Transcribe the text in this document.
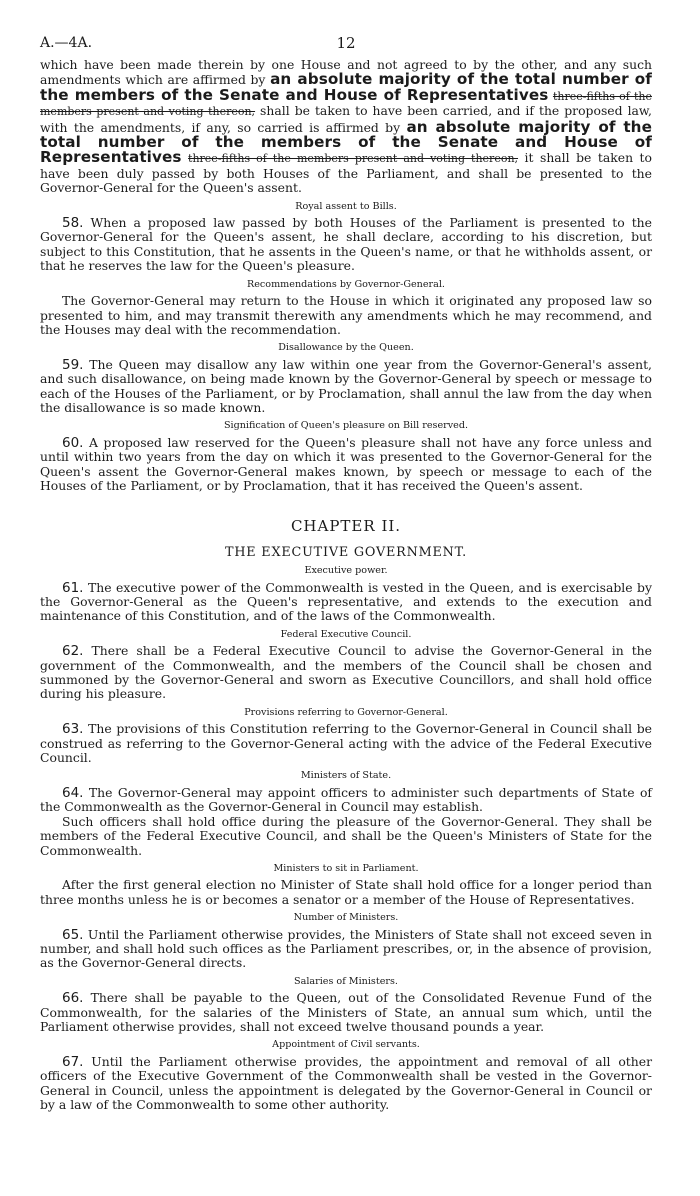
A.—4A.	12

which have been made therein by one House and not agreed to by the other, and any such amendments which are affirmed by an absolute majority of the total number of the members of the Senate and House of Representatives three-fifths of the members present and voting thereon, shall be taken to have been carried, and if the proposed law, with the amendments, if any, so carried is affirmed by an absolute majority of the total number of the members of the Senate and House of Representatives three-fifths of the members present and voting thereon, it shall be taken to have been duly passed by both Houses of the Parliament, and shall be presented to the Governor-General for the Queen's assent.

Royal assent to Bills.

58. When a proposed law passed by both Houses of the Parliament is presented to the Governor-General for the Queen's assent, he shall declare, according to his discretion, but subject to this Constitution, that he assents in the Queen's name, or that he withholds assent, or that he reserves the law for the Queen's pleasure.

Recommendations by Governor-General.

The Governor-General may return to the House in which it originated any proposed law so presented to him, and may transmit therewith any amendments which he may recommend, and the Houses may deal with the recommendation.

Disallowance by the Queen.

59. The Queen may disallow any law within one year from the Governor-General's assent, and such disallowance, on being made known by the Governor-General by speech or message to each of the Houses of the Parliament, or by Proclamation, shall annul the law from the day when the disallowance is so made known.

Signification of Queen's pleasure on Bill reserved.

60. A proposed law reserved for the Queen's pleasure shall not have any force unless and until within two years from the day on which it was presented to the Governor-General for the Queen's assent the Governor-General makes known, by speech or message to each of the Houses of the Parliament, or by Proclamation, that it has received the Queen's assent.

CHAPTER II.
THE EXECUTIVE GOVERNMENT.
Executive power.

61. The executive power of the Commonwealth is vested in the Queen, and is exercisable by the Governor-General as the Queen's representative, and extends to the execution and maintenance of this Constitution, and of the laws of the Commonwealth.

Federal Executive Council.

62. There shall be a Federal Executive Council to advise the Governor-General in the government of the Commonwealth, and the members of the Council shall be chosen and summoned by the Governor-General and sworn as Executive Councillors, and shall hold office during his pleasure.

Provisions referring to Governor-General.

63. The provisions of this Constitution referring to the Governor-General in Council shall be construed as referring to the Governor-General acting with the advice of the Federal Executive Council.

Ministers of State.

64. The Governor-General may appoint officers to administer such departments of State of the Commonwealth as the Governor-General in Council may establish.

Such officers shall hold office during the pleasure of the Governor-General. They shall be members of the Federal Executive Council, and shall be the Queen's Ministers of State for the Commonwealth.

Ministers to sit in Parliament.

After the first general election no Minister of State shall hold office for a longer period than three months unless he is or becomes a senator or a member of the House of Representatives.

Number of Ministers.

65. Until the Parliament otherwise provides, the Ministers of State shall not exceed seven in number, and shall hold such offices as the Parliament prescribes, or, in the absence of provision, as the Governor-General directs.

Salaries of Ministers.

66. There shall be payable to the Queen, out of the Consolidated Revenue Fund of the Commonwealth, for the salaries of the Ministers of State, an annual sum which, until the Parliament otherwise provides, shall not exceed twelve thousand pounds a year.

Appointment of Civil servants.

67. Until the Parliament otherwise provides, the appointment and removal of all other officers of the Executive Government of the Commonwealth shall be vested in the Governor-General in Council, unless the appointment is delegated by the Governor-General in Council or by a law of the Commonwealth to some other authority.
